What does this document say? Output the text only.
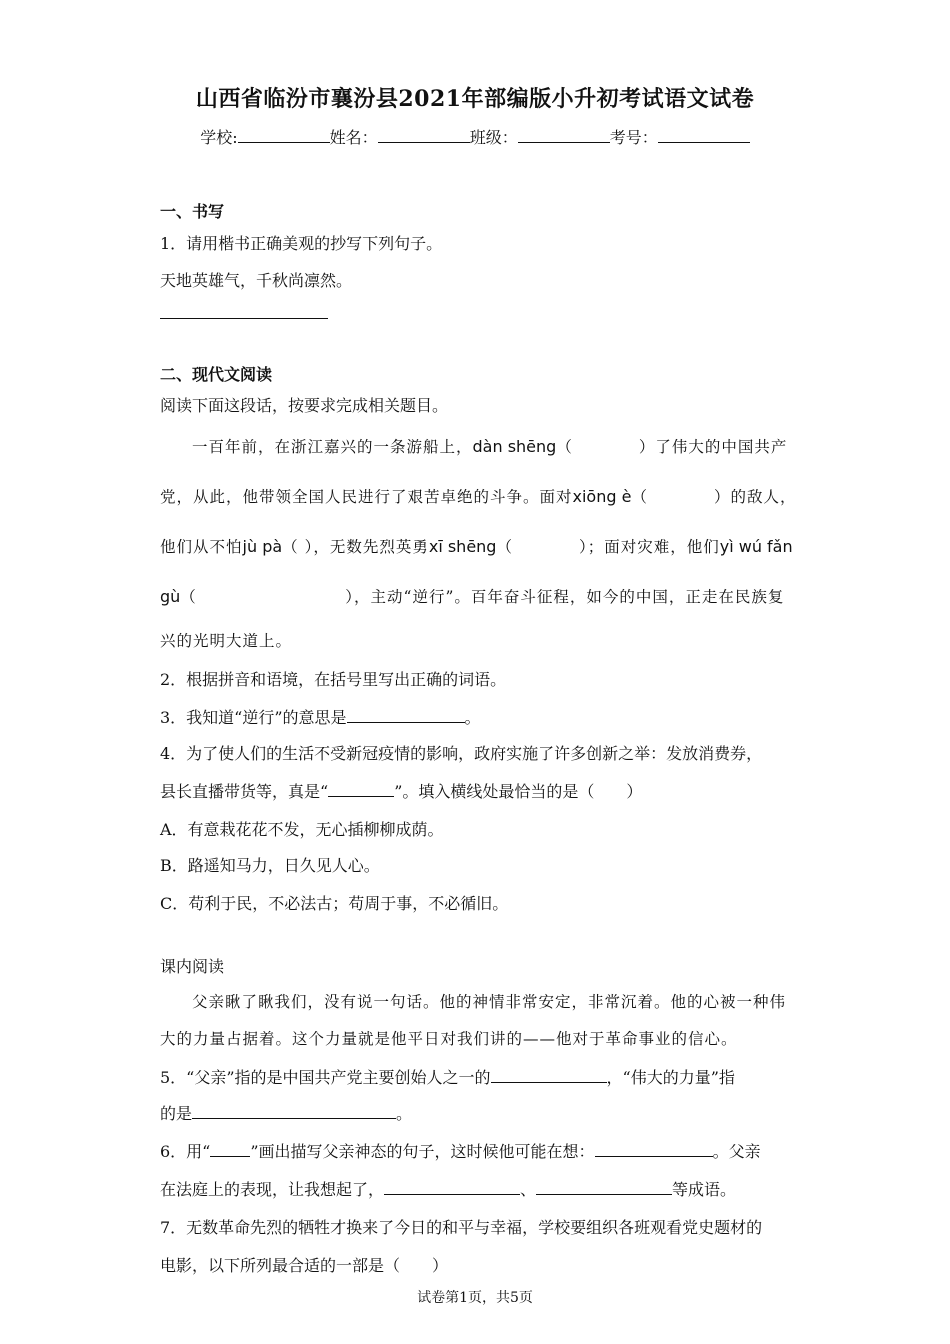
山西省临汾市襄汾县2021年部编版小升初考试语文试卷
学校:	姓名：	班级：	考号：
一、书写
1．请用楷书正确美观的抄写下列句子。
天地英雄气，千秋尚凛然。
二、现代文阅读
阅读下面这段话，按要求完成相关题目。
一百年前，在浙江嘉兴的一条游船上，dàn shēng（　　　　）了伟大的中国共产
党，从此，他带领全国人民进行了艰苦卓绝的斗争。面对xiōng è（　　　　）的敌人，
他们从不怕jù pà（ ），无数先烈英勇xī shēng（　　　　）；面对灾难，他们yì wú fǎn
gù（　　　　　　　　　），主动“逆行”。百年奋斗征程，如今的中国，正走在民族复
兴的光明大道上。
2．根据拼音和语境，在括号里写出正确的词语。
3．我知道“逆行”的意思是	。
4．为了使人们的生活不受新冠疫情的影响，政府实施了许多创新之举：发放消费券，
县长直播带货等，真是“	”。填入横线处最恰当的是（　　）
A．有意栽花花不发，无心插柳柳成荫。
B．路遥知马力，日久见人心。
C．苟利于民，不必法古；苟周于事，不必循旧。
课内阅读
父亲瞅了瞅我们，没有说一句话。他的神情非常安定，非常沉着。他的心被一种伟
大的力量占据着。这个力量就是他平日对我们讲的——他对于革命事业的信心。
5．“父亲”指的是中国共产党主要创始人之一的	，“伟大的力量”指
的是	。
6．用“	”画出描写父亲神态的句子，这时候他可能在想：	。父亲
在法庭上的表现，让我想起了，	、	等成语。
7．无数革命先烈的牺牲才换来了今日的和平与幸福，学校要组织各班观看党史题材的
电影，以下所列最合适的一部是（　　）
试卷第1页，共5页
